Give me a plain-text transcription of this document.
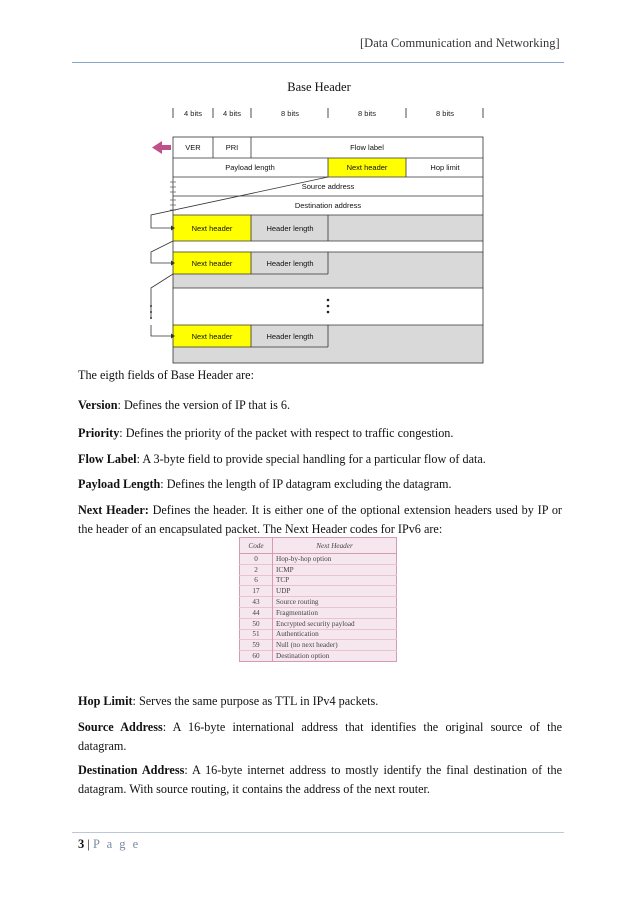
[Data Communication and Networking]
Base Header
4 bits	4 bits	8 bits	8 bits	8 bits
VER	PRI	Flow label
Payload length	Next header	Hop limit
Source address
Destination address
Next header	Header length
Next header	Header length
Next header	Header length
The eigth fields of Base Header are:
Version: Defines the version of IP that is 6.
Priority: Defines the priority of the packet with respect to traffic congestion.
Flow Label: A 3-byte field to provide special handling for a particular flow of data.
Payload Length: Defines the length of IP datagram excluding the datagram.
Next Header: Defines the header. It is either one of the optional extension headers used by IP or the header of an encapsulated packet. The Next Header codes for IPv6 are:
Code	Next Header
0	Hop-by-hop option
2	ICMP
6	TCP
17	UDP
43	Source routing
44	Fragmentation
50	Encrypted security payload
51	Authentication
59	Null (no next header)
60	Destination option
Hop Limit: Serves the same purpose as TTL in IPv4 packets.
Source Address: A 16-byte international address that identifies the original source of the datagram.
Destination Address: A 16-byte internet address to mostly identify the final destination of the datagram. With source routing, it contains the address of the next router.
3 | P a g e
